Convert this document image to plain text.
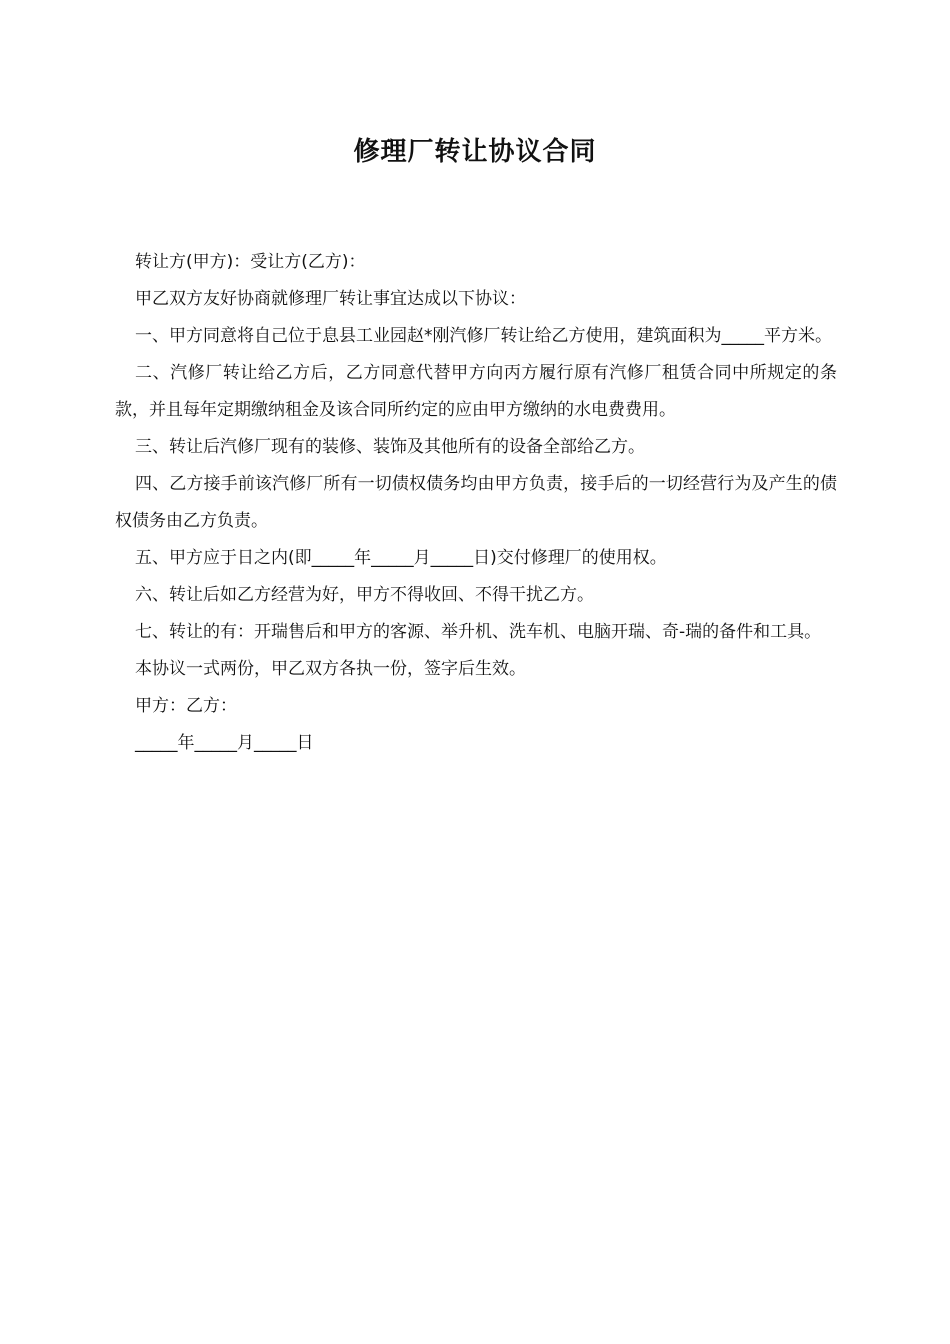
修理厂转让协议合同

转让方(甲方)：受让方(乙方)：

甲乙双方友好协商就修理厂转让事宜达成以下协议：

一、甲方同意将自己位于息县工业园赵*刚汽修厂转让给乙方使用，建筑面积为_____平方米。

二、汽修厂转让给乙方后，乙方同意代替甲方向丙方履行原有汽修厂租赁合同中所规定的条款，并且每年定期缴纳租金及该合同所约定的应由甲方缴纳的水电费费用。

三、转让后汽修厂现有的装修、装饰及其他所有的设备全部给乙方。

四、乙方接手前该汽修厂所有一切债权债务均由甲方负责，接手后的一切经营行为及产生的债权债务由乙方负责。

五、甲方应于日之内(即_____年_____月_____日)交付修理厂的使用权。

六、转让后如乙方经营为好，甲方不得收回、不得干扰乙方。

七、转让的有：开瑞售后和甲方的客源、举升机、洗车机、电脑开瑞、奇-瑞的备件和工具。

本协议一式两份，甲乙双方各执一份，签字后生效。

甲方：乙方：

_____年_____月_____日
